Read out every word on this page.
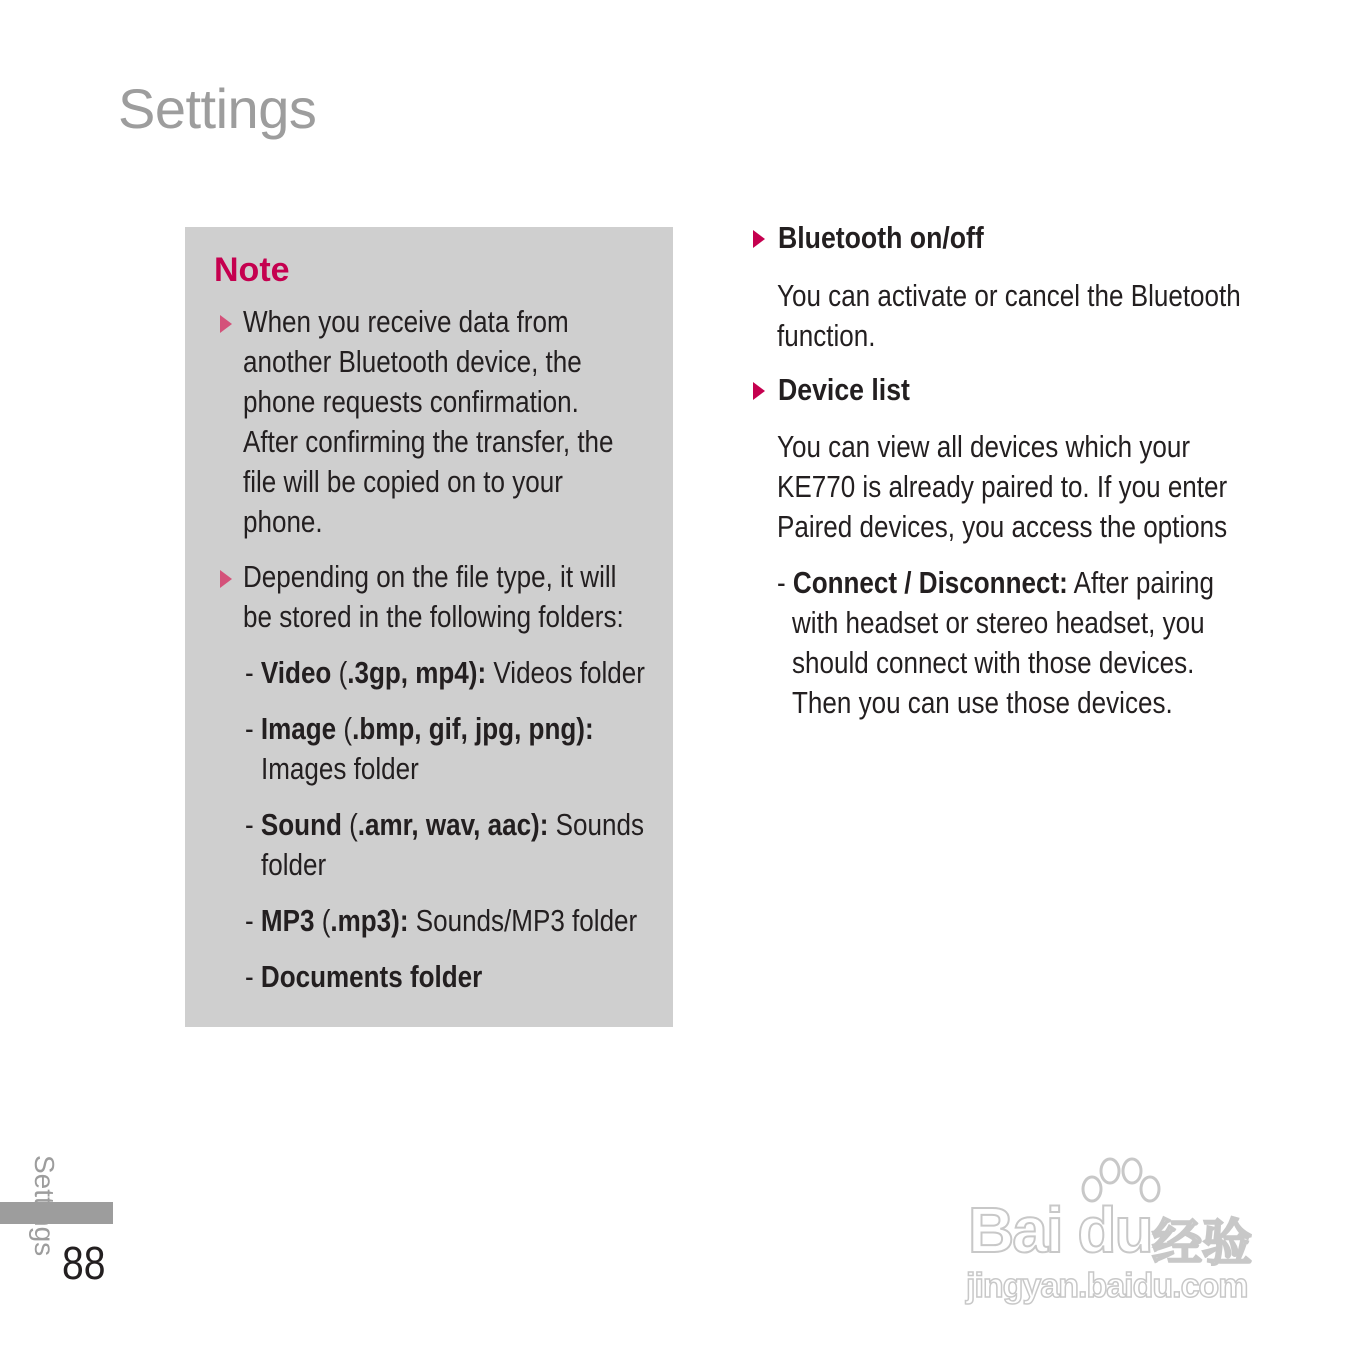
Settings
Note
When you receive data from
another Bluetooth device, the
phone requests confirmation.
After confirming the transfer, the
file will be copied on to your
phone.
Depending on the file type, it will
be stored in the following folders:
- Video (.3gp, mp4): Videos folder
- Image (.bmp, gif, jpg, png):
Images folder
- Sound (.amr, wav, aac): Sounds
folder
- MP3 (.mp3): Sounds/MP3 folder
- Documents folder
Bluetooth on/off
You can activate or cancel the Bluetooth
function.
Device list
You can view all devices which your
KE770 is already paired to. If you enter
Paired devices, you access the options
- Connect / Disconnect: After pairing
with headset or stereo headset, you
should connect with those devices.
Then you can use those devices.
88	Bai du 经验
jingyan.baidu.com
